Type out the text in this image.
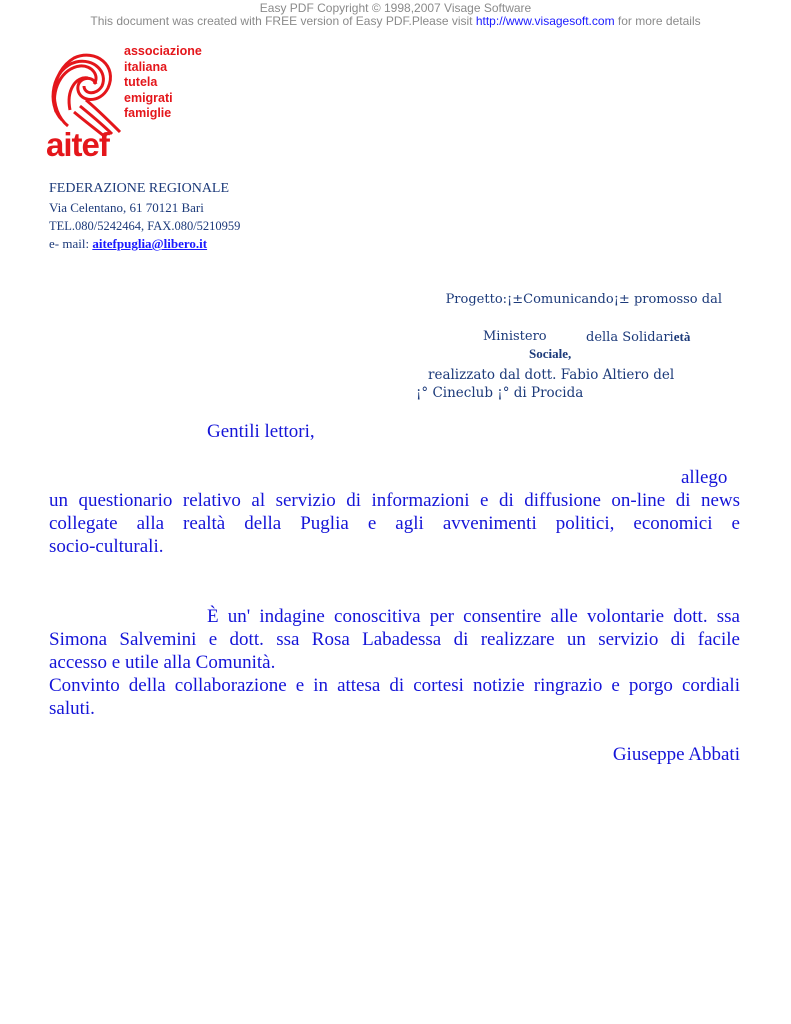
Easy PDF Copyright © 1998,2007 Visage Software
This document was created with FREE version of Easy PDF.Please visit http://www.visagesoft.com for more details
aitef
associazione
italiana
tutela
emigrati
famiglie
FEDERAZIONE REGIONALE
Via Celentano, 61 70121 Bari
TEL.080/5242464, FAX.080/5210959
e- mail: aitefpuglia@libero.it
Progetto:¡±Comunicando¡± promosso dal
Ministero	della Solidarietà
Sociale,
realizzato dal dott. Fabio Altiero del
¡° Cineclub ¡° di Procida
Gentili lettori,
allego
un questionario relativo al servizio di informazioni e di diffusione on-line di news
collegate alla realtà della Puglia e agli avvenimenti politici, economici e
socio-culturali.
È un' indagine conoscitiva per consentire alle volontarie dott. ssa
Simona Salvemini e dott. ssa Rosa Labadessa di realizzare un servizio di facile
accesso e utile alla Comunità.
Convinto della collaborazione e in attesa di cortesi notizie ringrazio e porgo cordiali
saluti.
Giuseppe Abbati
